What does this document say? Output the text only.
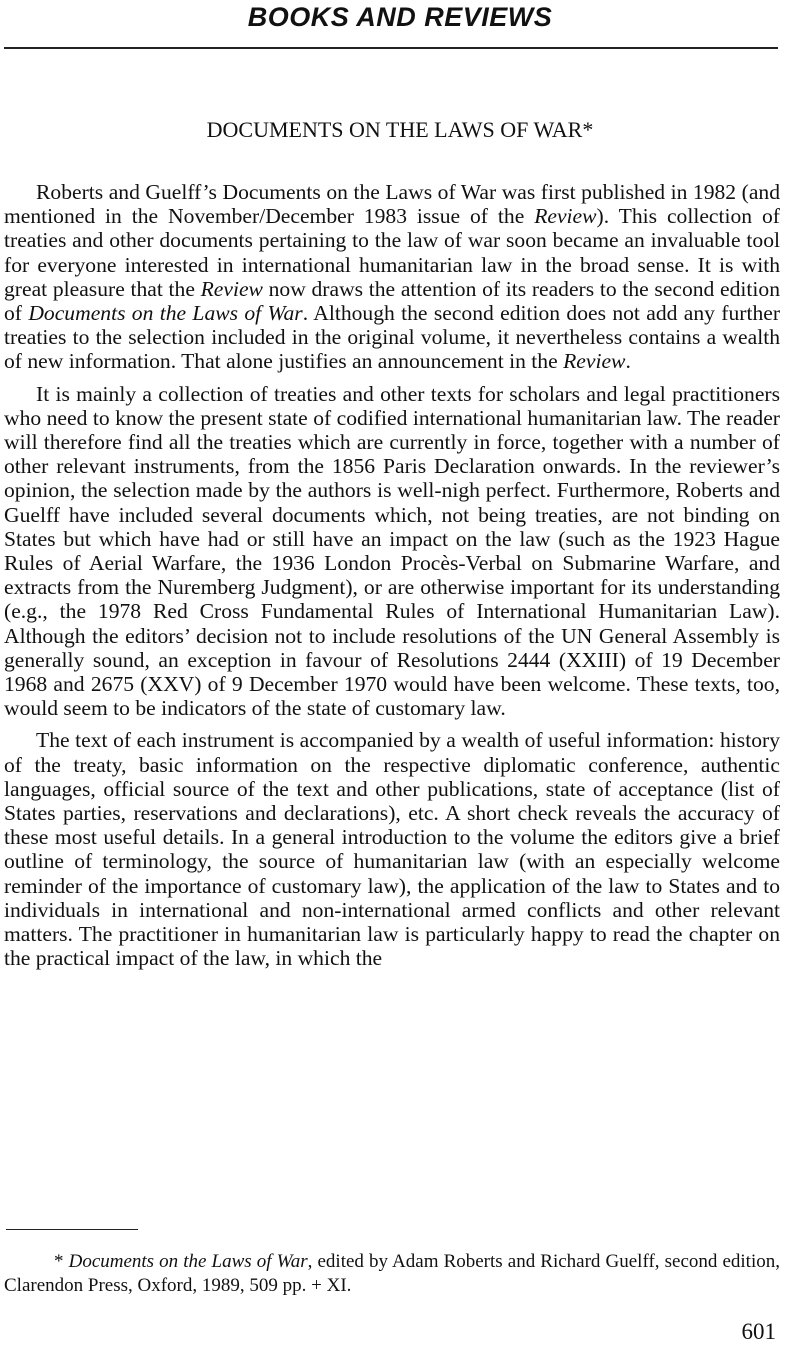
BOOKS AND REVIEWS
DOCUMENTS ON THE LAWS OF WAR*

Roberts and Guelff’s Documents on the Laws of War was first published in 1982 (and mentioned in the November/December 1983 issue of the Review). This collection of treaties and other documents pertaining to the law of war soon became an invaluable tool for everyone interested in international humanitarian law in the broad sense. It is with great pleasure that the Review now draws the attention of its readers to the second edition of Documents on the Laws of War. Although the second edition does not add any further treaties to the selection included in the original volume, it nevertheless contains a wealth of new information. That alone justifies an announcement in the Review.

It is mainly a collection of treaties and other texts for scholars and legal practitioners who need to know the present state of codified international humanitarian law. The reader will therefore find all the treaties which are currently in force, together with a number of other relevant instruments, from the 1856 Paris Declaration onwards. In the reviewer’s opinion, the selection made by the authors is well-nigh perfect. Furthermore, Roberts and Guelff have included several documents which, not being treaties, are not binding on States but which have had or still have an impact on the law (such as the 1923 Hague Rules of Aerial Warfare, the 1936 London Procès-Verbal on Submarine Warfare, and extracts from the Nuremberg Judgment), or are otherwise important for its understanding (e.g., the 1978 Red Cross Fundamental Rules of International Humanitarian Law). Although the editors’ decision not to include resolutions of the UN General Assembly is generally sound, an exception in favour of Resolutions 2444 (XXIII) of 19 December 1968 and 2675 (XXV) of 9 December 1970 would have been welcome. These texts, too, would seem to be indicators of the state of customary law.

The text of each instrument is accompanied by a wealth of useful information: history of the treaty, basic information on the respective diplomatic conference, authentic languages, official source of the text and other publications, state of acceptance (list of States parties, reservations and declarations), etc. A short check reveals the accuracy of these most useful details. In a general introduction to the volume the editors give a brief outline of terminology, the source of humanitarian law (with an especially welcome reminder of the importance of customary law), the application of the law to States and to individuals in international and non-international armed conflicts and other relevant matters. The practitioner in humanitarian law is particularly happy to read the chapter on the practical impact of the law, in which the

* Documents on the Laws of War, edited by Adam Roberts and Richard Guelff, second edition, Clarendon Press, Oxford, 1989, 509 pp. + XI.
601
